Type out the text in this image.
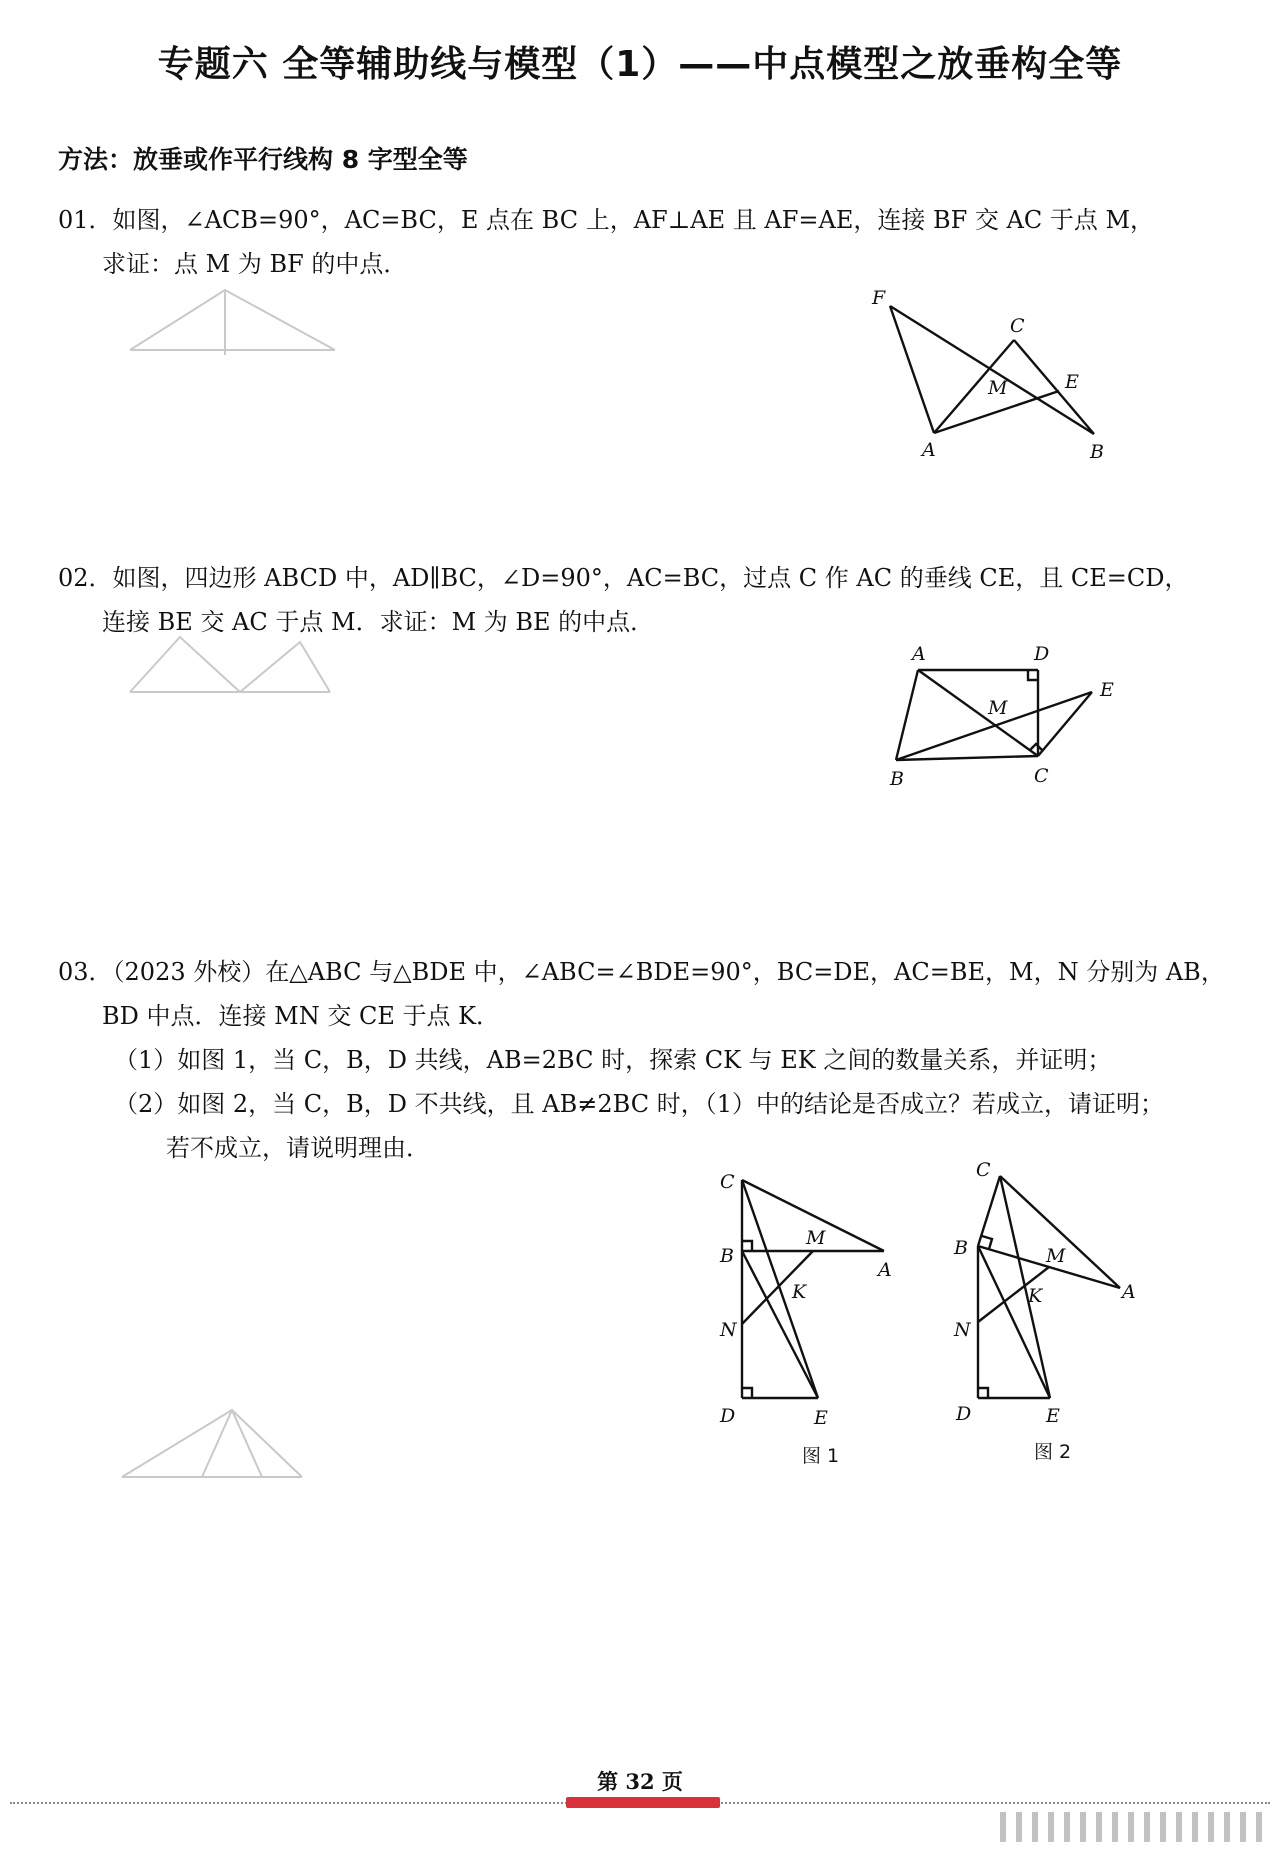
专题六 全等辅助线与模型（1）——中点模型之放垂构全等
方法：放垂或作平行线构 8 字型全等
01．如图，∠ACB=90°，AC=BC，E 点在 BC 上，AF⊥AE 且 AF=AE，连接 BF 交 AC 于点 M，
求证：点 M 为 BF 的中点．
F
C
M	E
A	B
02．如图，四边形 ABCD 中，AD∥BC，∠D=90°，AC=BC，过点 C 作 AC 的垂线 CE，且 CE=CD，
连接 BE 交 AC 于点 M．求证：M 为 BE 的中点．
A	D
M
E
B	C
03．（2023 外校）在△ABC 与△BDE 中，∠ABC=∠BDE=90°，BC=DE，AC=BE，M，N 分别为 AB，
BD 中点．连接 MN 交 CE 于点 K．
（1）如图 1，当 C，B，D 共线，AB=2BC 时，探索 CK 与 EK 之间的数量关系，并证明；
（2）如图 2，当 C，B，D 不共线，且 AB≠2BC 时，（1）中的结论是否成立？若成立，请证明；
若不成立，请说明理由．
C
B
M
A
K
N
D	E
图 1
C
B	M
A
K
N
D	E
图 2
第 32 页
